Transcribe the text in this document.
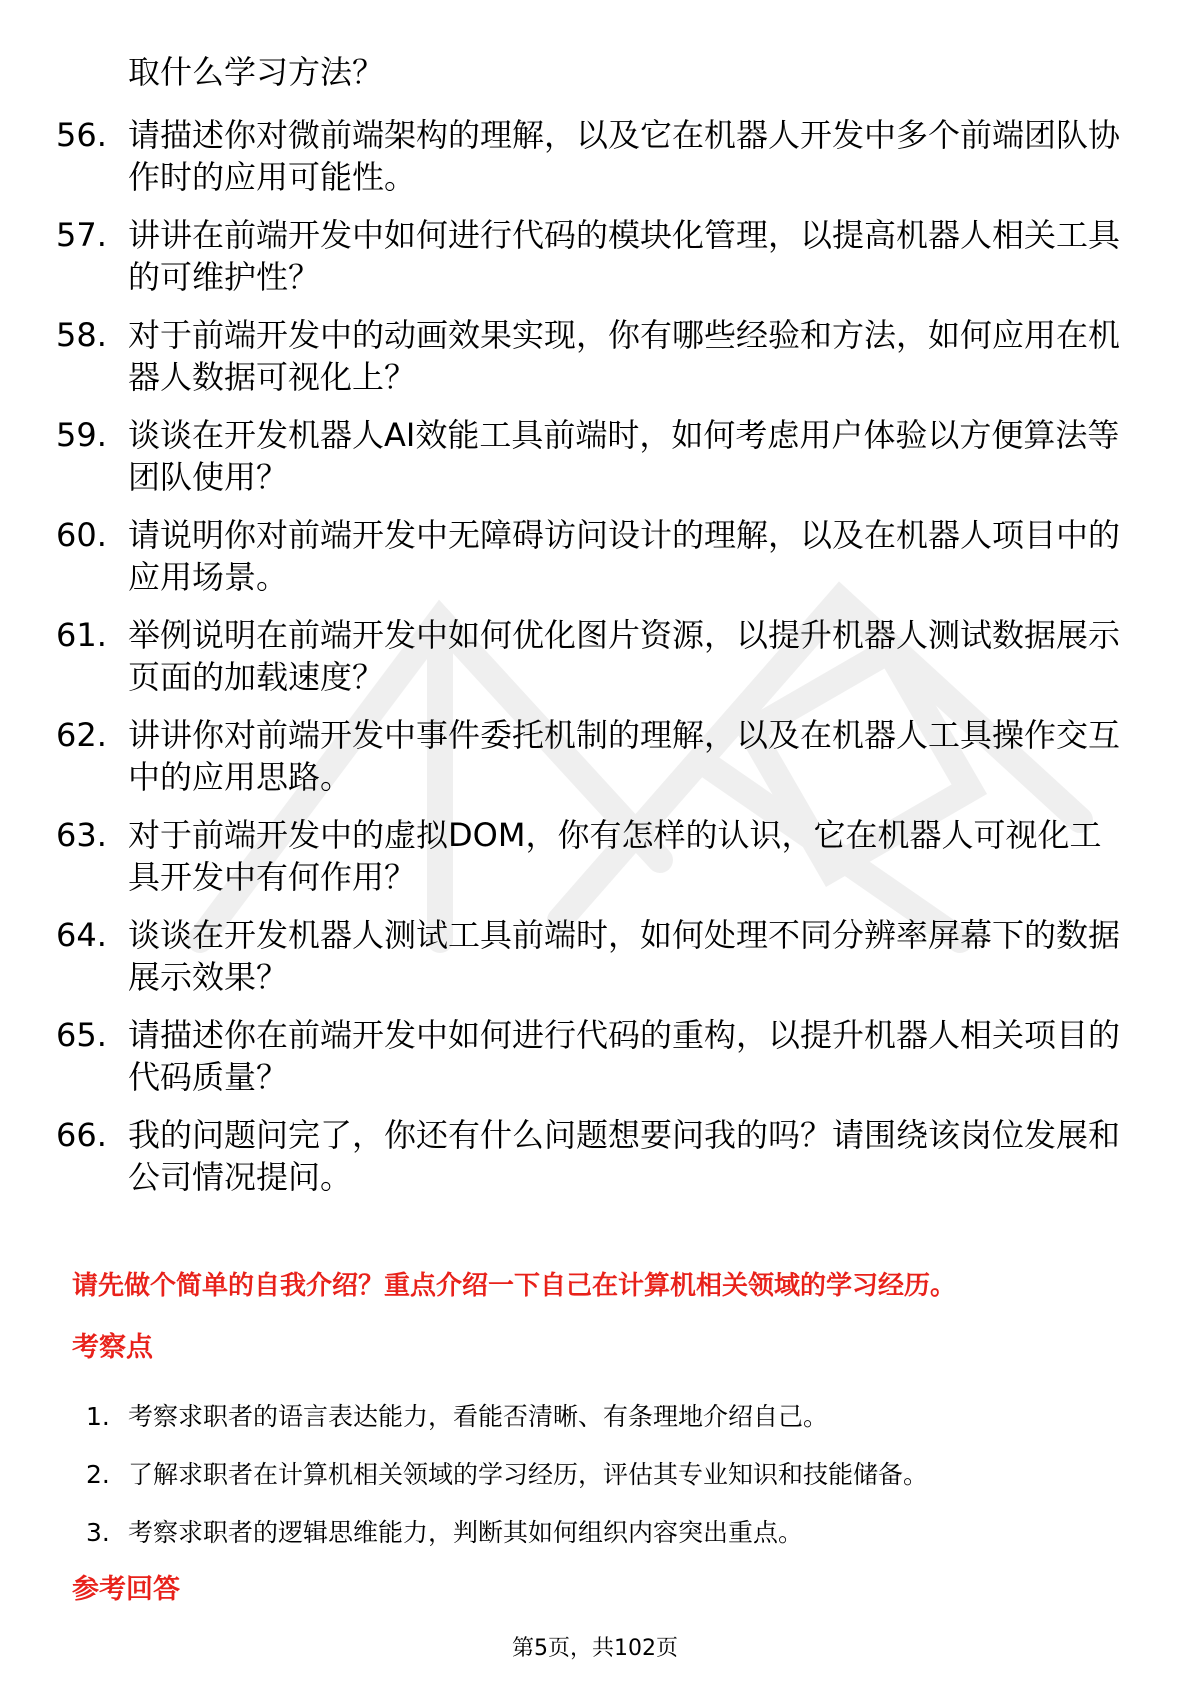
取什么学习方法？
56. 请描述你对微前端架构的理解，以及它在机器人开发中多个前端团队协作时的应用可能性。
57. 讲讲在前端开发中如何进行代码的模块化管理，以提高机器人相关工具的可维护性？
58. 对于前端开发中的动画效果实现，你有哪些经验和方法，如何应用在机器人数据可视化上？
59. 谈谈在开发机器人AI效能工具前端时，如何考虑用户体验以方便算法等团队使用？
60. 请说明你对前端开发中无障碍访问设计的理解，以及在机器人项目中的应用场景。
61. 举例说明在前端开发中如何优化图片资源，以提升机器人测试数据展示页面的加载速度？
62. 讲讲你对前端开发中事件委托机制的理解，以及在机器人工具操作交互中的应用思路。
63. 对于前端开发中的虚拟DOM，你有怎样的认识，它在机器人可视化工具开发中有何作用？
64. 谈谈在开发机器人测试工具前端时，如何处理不同分辨率屏幕下的数据展示效果？
65. 请描述你在前端开发中如何进行代码的重构，以提升机器人相关项目的代码质量？
66. 我的问题问完了，你还有什么问题想要问我的吗？请围绕该岗位发展和公司情况提问。
请先做个简单的自我介绍？重点介绍一下自己在计算机相关领域的学习经历。
考察点
1. 考察求职者的语言表达能力，看能否清晰、有条理地介绍自己。
2. 了解求职者在计算机相关领域的学习经历，评估其专业知识和技能储备。
3. 考察求职者的逻辑思维能力，判断其如何组织内容突出重点。
参考回答
第5页，共102页
